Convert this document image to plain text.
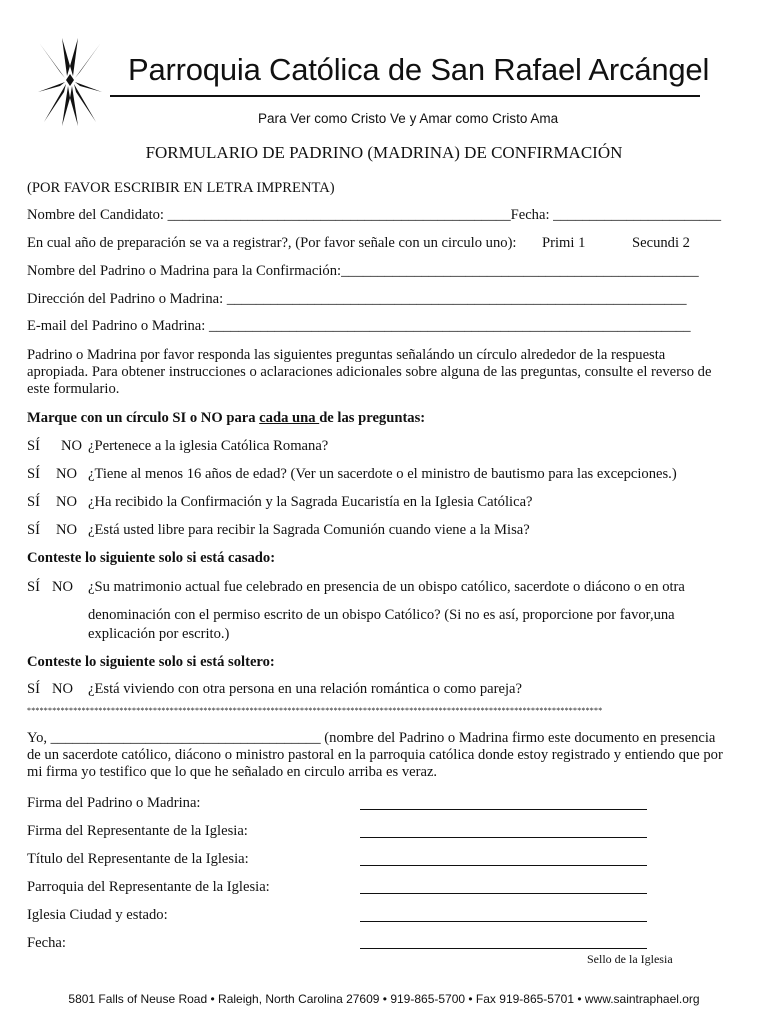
Parroquia Católica de San Rafael Arcángel
Para Ver como Cristo Ve y Amar como Cristo Ama
FORMULARIO DE PADRINO (MADRINA) DE CONFIRMACIÓN
(POR FAVOR ESCRIBIR EN LETRA IMPRENTA)
Nombre del Candidato: _______________________________________________Fecha: _______________________
En cual año de preparación se va a registrar?, (Por favor señale con un circulo uno): Primi 1	Secundi 2
Nombre del Padrino o Madrina para la Confirmación:_________________________________________________
Dirección del Padrino o Madrina: _______________________________________________________________
E-mail del Padrino o Madrina: __________________________________________________________________
Padrino o Madrina por favor responda las siguientes preguntas señalándo un círculo alrededor de la respuesta apropiada. Para obtener instrucciones o aclaraciones adicionales sobre alguna de las preguntas, consulte el reverso de este formulario.
Marque con un círculo SI o NO para cada una de las preguntas:
SÍ NO ¿Pertenece a la iglesia Católica Romana?
SÍ NO ¿Tiene al menos 16 años de edad? (Ver un sacerdote o el ministro de bautismo para las excepciones.)
SÍ NO ¿Ha recibido la Confirmación y la Sagrada Eucaristía en la Iglesia Católica?
SÍ NO ¿Está usted libre para recibir la Sagrada Comunión cuando viene a la Misa?
Conteste lo siguiente solo si está casado:
SÍ NO ¿Su matrimonio actual fue celebrado en presencia de un obispo católico, sacerdote o diácono o en otra
denominación con el permiso escrito de un obispo Católico? (Si no es así, proporcione por favor,una
explicación por escrito.)
Conteste lo siguiente solo si está soltero:
SÍ NO ¿Está viviendo con otra persona en una relación romántica o como pareja?
*****************************************************************************************************************************************
Yo, _____________________________________ (nombre del Padrino o Madrina firmo este documento en presencia de un sacerdote católico, diácono o ministro pastoral en la parroquia católica donde estoy registrado y entiendo que por mi firma yo testifico que lo que he señalado en circulo arriba es veraz.
Firma del Padrino o Madrina:
Firma del Representante de la Iglesia:
Título del Representante de la Iglesia:
Parroquia del Representante de la Iglesia:
Iglesia Ciudad y estado:
Fecha:
Sello de la Iglesia
5801 Falls of Neuse Road • Raleigh, North Carolina 27609 • 919-865-5700 • Fax 919-865-5701 • www.saintraphael.org
